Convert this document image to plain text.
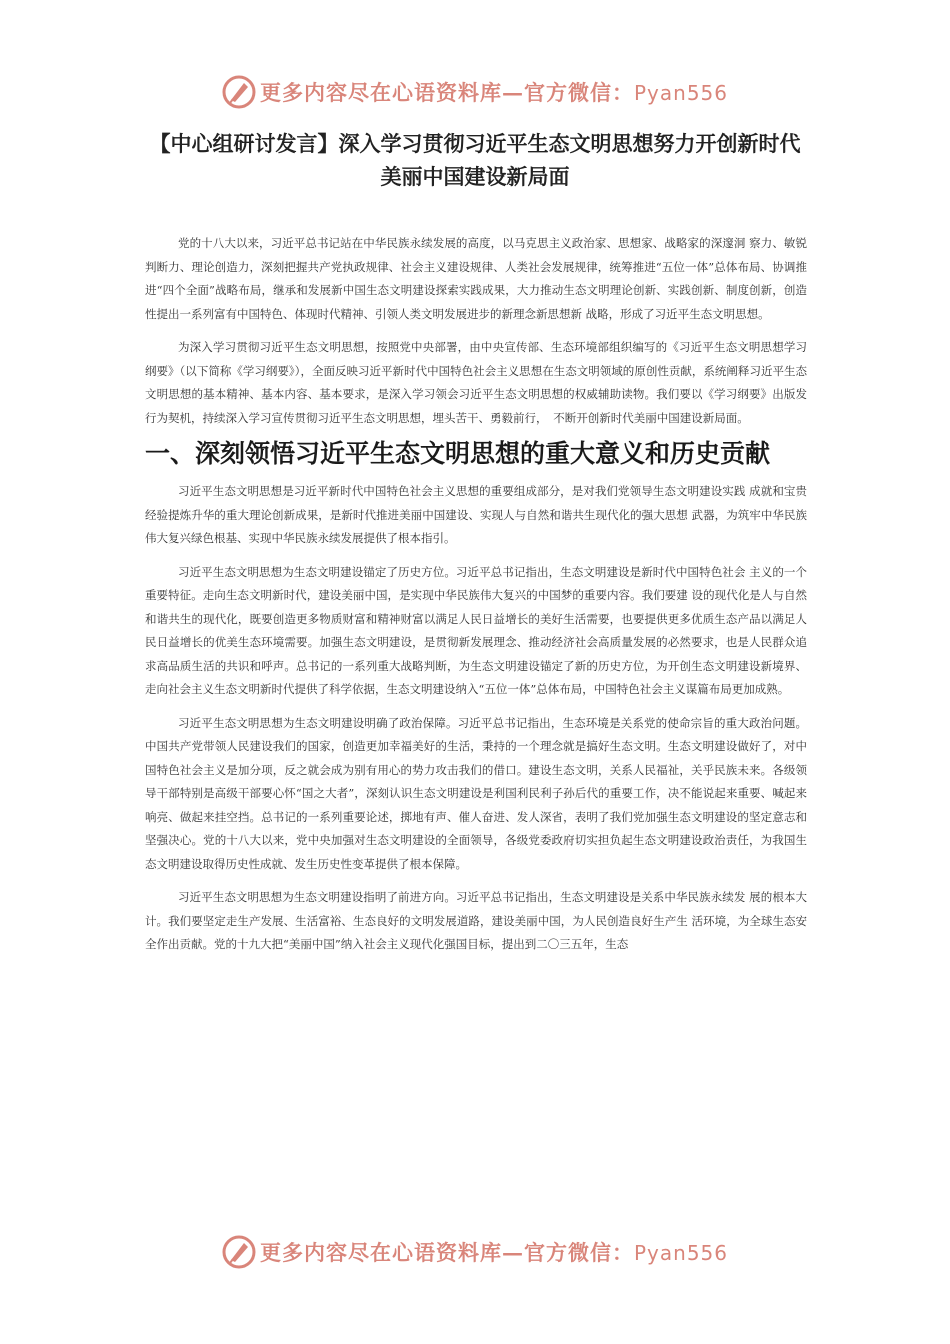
更多内容尽在心语资料库—官方微信：Pyan556
【中心组研讨发言】深入学习贯彻习近平生态文明思想努力开创新时代美丽中国建设新局面

党的十八大以来，习近平总书记站在中华民族永续发展的高度，以马克思主义政治家、思想家、战略家的深邃洞 察力、敏锐判断力、理论创造力，深刻把握共产党执政规律、社会主义建设规律、人类社会发展规律，统筹推进“五位一体”总体布局、协调推进“四个全面”战略布局，继承和发展新中国生态文明建设探索实践成果，大力推动生态文明理论创新、实践创新、制度创新，创造性提出一系列富有中国特色、体现时代精神、引领人类文明发展进步的新理念新思想新 战略，形成了习近平生态文明思想。

为深入学习贯彻习近平生态文明思想，按照党中央部署，由中央宣传部、生态环境部组织编写的《习近平生态文明思想学习纲要》（以下简称《学习纲要》），全面反映习近平新时代中国特色社会主义思想在生态文明领域的原创性贡献，系统阐释习近平生态文明思想的基本精神、基本内容、基本要求，是深入学习领会习近平生态文明思想的权威辅助读物。我们要以《学习纲要》出版发行为契机，持续深入学习宣传贯彻习近平生态文明思想，埋头苦干、勇毅前行，　不断开创新时代美丽中国建设新局面。

一、深刻领悟习近平生态文明思想的重大意义和历史贡献

习近平生态文明思想是习近平新时代中国特色社会主义思想的重要组成部分，是对我们党领导生态文明建设实践 成就和宝贵经验提炼升华的重大理论创新成果，是新时代推进美丽中国建设、实现人与自然和谐共生现代化的强大思想 武器，为筑牢中华民族伟大复兴绿色根基、实现中华民族永续发展提供了根本指引。

习近平生态文明思想为生态文明建设锚定了历史方位。习近平总书记指出，生态文明建设是新时代中国特色社会 主义的一个重要特征。走向生态文明新时代，建设美丽中国，是实现中华民族伟大复兴的中国梦的重要内容。我们要建 设的现代化是人与自然和谐共生的现代化，既要创造更多物质财富和精神财富以满足人民日益增长的美好生活需要，也要提供更多优质生态产品以满足人民日益增长的优美生态环境需要。加强生态文明建设，是贯彻新发展理念、推动经济社会高质量发展的必然要求，也是人民群众追求高品质生活的共识和呼声。总书记的一系列重大战略判断，为生态文明建设锚定了新的历史方位，为开创生态文明建设新境界、走向社会主义生态文明新时代提供了科学依据，生态文明建设纳入“五位一体”总体布局，中国特色社会主义谋篇布局更加成熟。

习近平生态文明思想为生态文明建设明确了政治保障。习近平总书记指出，生态环境是关系党的使命宗旨的重大政治问题。中国共产党带领人民建设我们的国家，创造更加幸福美好的生活，秉持的一个理念就是搞好生态文明。生态文明建设做好了，对中国特色社会主义是加分项，反之就会成为别有用心的势力攻击我们的借口。建设生态文明，关系人民福祉，关乎民族未来。各级领导干部特别是高级干部要心怀“国之大者”，深刻认识生态文明建设是利国利民利子孙后代的重要工作，决不能说起来重要、喊起来响亮、做起来挂空挡。总书记的一系列重要论述，掷地有声、催人奋进、发人深省，表明了我们党加强生态文明建设的坚定意志和坚强决心。党的十八大以来，党中央加强对生态文明建设的全面领导，各级党委政府切实担负起生态文明建设政治责任，为我国生态文明建设取得历史性成就、发生历史性变革提供了根本保障。

习近平生态文明思想为生态文明建设指明了前进方向。习近平总书记指出，生态文明建设是关系中华民族永续发 展的根本大计。我们要坚定走生产发展、生活富裕、生态良好的文明发展道路，建设美丽中国，为人民创造良好生产生 活环境，为全球生态安全作出贡献。党的十九大把“美丽中国”纳入社会主义现代化强国目标，提出到二〇三五年，生态

更多内容尽在心语资料库—官方微信：Pyan556
